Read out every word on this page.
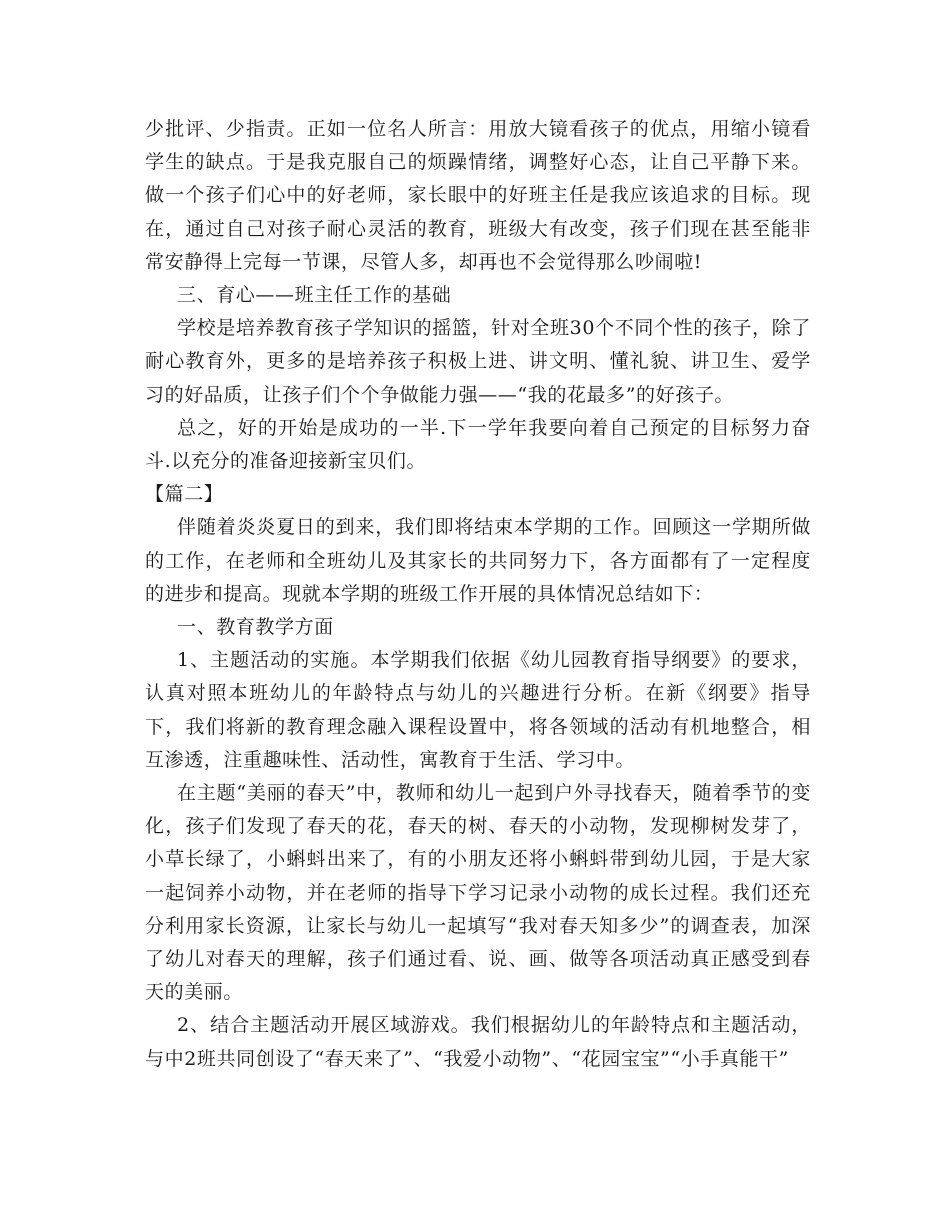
少批评、少指责。正如一位名人所言：用放大镜看孩子的优点，用缩小镜看学生的缺点。于是我克服自己的烦躁情绪，调整好心态，让自己平静下来。做一个孩子们心中的好老师，家长眼中的好班主任是我应该追求的目标。现在，通过自己对孩子耐心灵活的教育，班级大有改变，孩子们现在甚至能非常安静得上完每一节课，尽管人多，却再也不会觉得那么吵闹啦!

三、育心——班主任工作的基础

学校是培养教育孩子学知识的摇篮，针对全班30个不同个性的孩子，除了耐心教育外，更多的是培养孩子积极上进、讲文明、懂礼貌、讲卫生、爱学习的好品质，让孩子们个个争做能力强——“我的花最多”的好孩子。

总之，好的开始是成功的一半.下一学年我要向着自己预定的目标努力奋斗.以充分的准备迎接新宝贝们。

【篇二】

伴随着炎炎夏日的到来，我们即将结束本学期的工作。回顾这一学期所做的工作，在老师和全班幼儿及其家长的共同努力下，各方面都有了一定程度的进步和提高。现就本学期的班级工作开展的具体情况总结如下：

一、教育教学方面

1、主题活动的实施。本学期我们依据《幼儿园教育指导纲要》的要求，认真对照本班幼儿的年龄特点与幼儿的兴趣进行分析。在新《纲要》指导下，我们将新的教育理念融入课程设置中，将各领域的活动有机地整合，相互渗透，注重趣味性、活动性，寓教育于生活、学习中。

在主题“美丽的春天”中，教师和幼儿一起到户外寻找春天，随着季节的变化，孩子们发现了春天的花，春天的树、春天的小动物，发现柳树发芽了，小草长绿了，小蝌蚪出来了，有的小朋友还将小蝌蚪带到幼儿园，于是大家一起饲养小动物，并在老师的指导下学习记录小动物的成长过程。我们还充分利用家长资源，让家长与幼儿一起填写“我对春天知多少”的调查表，加深了幼儿对春天的理解，孩子们通过看、说、画、做等各项活动真正感受到春天的美丽。

2、结合主题活动开展区域游戏。我们根据幼儿的年龄特点和主题活动，与中2班共同创设了“春天来了”、“我爱小动物”、“花园宝宝”“小手真能干”
